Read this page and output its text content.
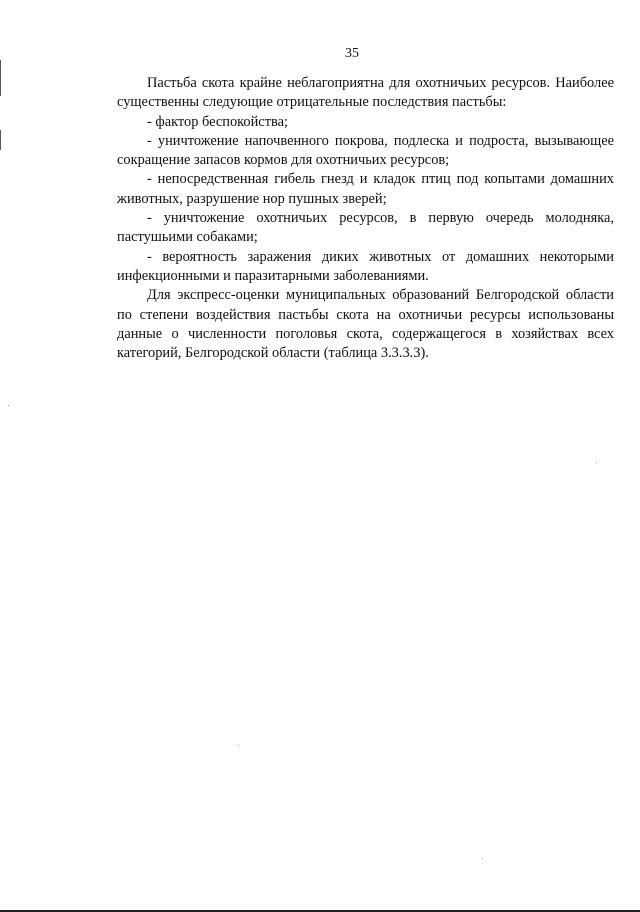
35

Пастьба скота крайне неблагоприятна для охотничьих ресурсов. Наиболее существенны следующие отрицательные последствия пастьбы:

- фактор беспокойства;

- уничтожение напочвенного покрова, подлеска и подроста, вызывающее сокращение запасов кормов для охотничьих ресурсов;

- непосредственная гибель гнезд и кладок птиц под копытами домашних животных, разрушение нор пушных зверей;

- уничтожение охотничьих ресурсов, в первую очередь молодняка, пастушьими собаками;

- вероятность заражения диких животных от домашних некоторыми инфекционными и паразитарными заболеваниями.

Для экспресс-оценки муниципальных образований Белгородской области по степени воздействия пастьбы скота на охотничьи ресурсы использованы данные о численности поголовья скота, содержащегося в хозяйствах всех категорий, Белгородской области (таблица 3.3.3.3).
